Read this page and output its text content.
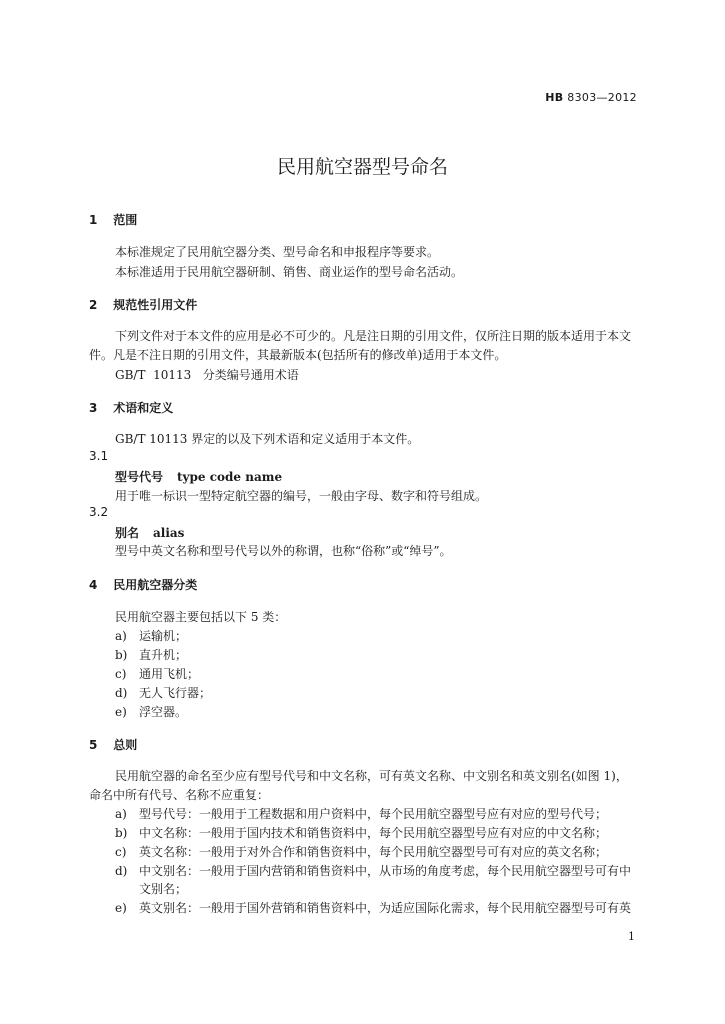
HB 8303—2012
民用航空器型号命名
1 范围
本标准规定了民用航空器分类、型号命名和申报程序等要求。
本标准适用于民用航空器研制、销售、商业运作的型号命名活动。
2 规范性引用文件
下列文件对于本文件的应用是必不可少的。凡是注日期的引用文件，仅所注日期的版本适用于本文
件。凡是不注日期的引用文件，其最新版本(包括所有的修改单)适用于本文件。
GB/T  10113   分类编号通用术语
3 术语和定义
GB/T 10113 界定的以及下列术语和定义适用于本文件。
3.1
型号代号 type code name
用于唯一标识一型特定航空器的编号，一般由字母、数字和符号组成。
3.2
别名 alias
型号中英文名称和型号代号以外的称谓，也称“俗称”或“绰号”。
4 民用航空器分类
民用航空器主要包括以下 5 类：
a) 运输机；
b) 直升机；
c) 通用飞机；
d) 无人飞行器；
e) 浮空器。
5 总则
民用航空器的命名至少应有型号代号和中文名称，可有英文名称、中文别名和英文别名(如图 1)，
命名中所有代号、名称不应重复：
a) 型号代号：一般用于工程数据和用户资料中，每个民用航空器型号应有对应的型号代号；
b) 中文名称：一般用于国内技术和销售资料中，每个民用航空器型号应有对应的中文名称；
c) 英文名称：一般用于对外合作和销售资料中，每个民用航空器型号可有对应的英文名称；
d) 中文别名：一般用于国内营销和销售资料中，从市场的角度考虑，每个民用航空器型号可有中
文别名；
e) 英文别名：一般用于国外营销和销售资料中，为适应国际化需求，每个民用航空器型号可有英
1
